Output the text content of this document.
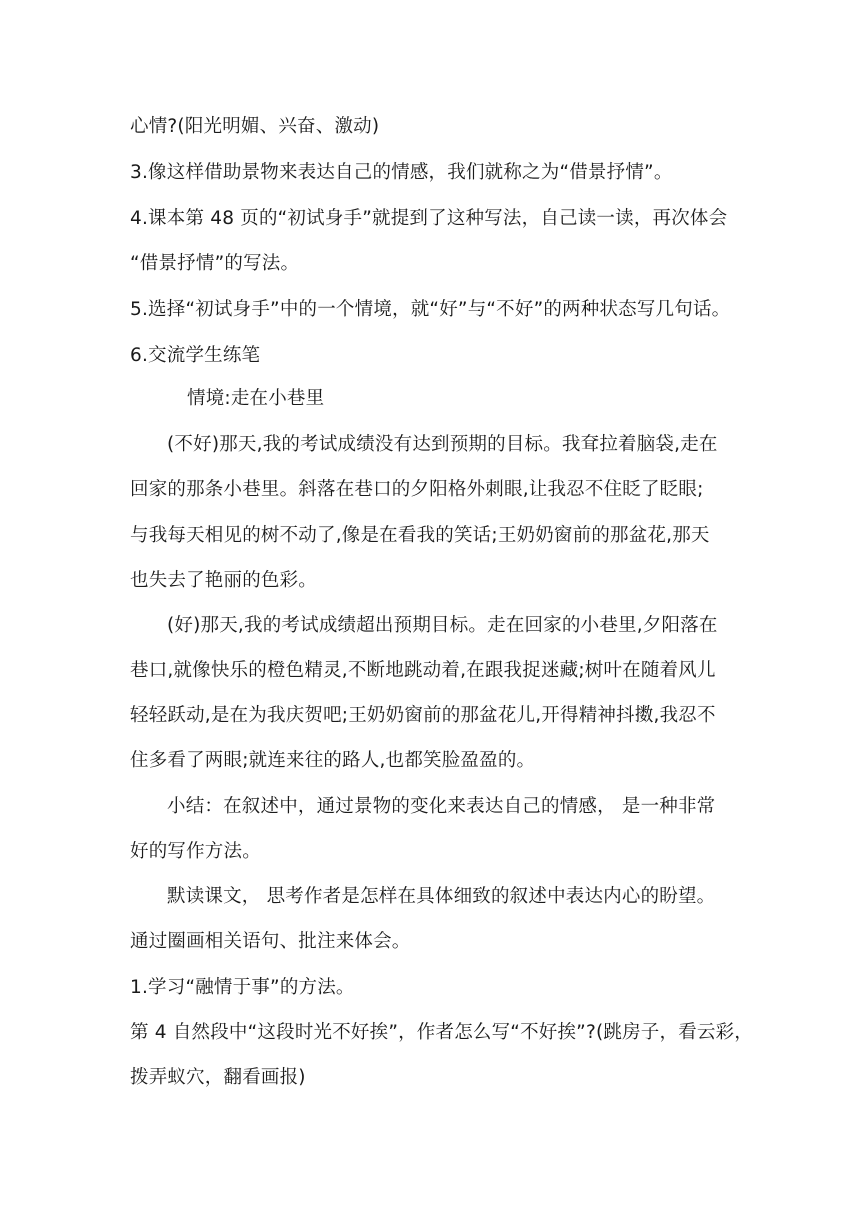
心情?(阳光明媚、兴奋、激动)
3.像这样借助景物来表达自己的情感，我们就称之为“借景抒情”。
4.课本第 48 页的“初试身手”就提到了这种写法，自己读一读，再次体会
“借景抒情”的写法。
5.选择“初试身手”中的一个情境，就“好”与“不好”的两种状态写几句话。
6.交流学生练笔
情境:走在小巷里
(不好)那天,我的考试成绩没有达到预期的目标。我耷拉着脑袋,走在
回家的那条小巷里。斜落在巷口的夕阳格外刺眼,让我忍不住眨了眨眼;
与我每天相见的树不动了,像是在看我的笑话;王奶奶窗前的那盆花,那天
也失去了艳丽的色彩。
(好)那天,我的考试成绩超出预期目标。走在回家的小巷里,夕阳落在
巷口,就像快乐的橙色精灵,不断地跳动着,在跟我捉迷藏;树叶在随着风儿
轻轻跃动,是在为我庆贺吧;王奶奶窗前的那盆花儿,开得精神抖擞,我忍不
住多看了两眼;就连来往的路人,也都笑脸盈盈的。
小结：在叙述中，通过景物的变化来表达自己的情感， 是一种非常
好的写作方法。
默读课文， 思考作者是怎样在具体细致的叙述中表达内心的盼望。
通过圈画相关语句、批注来体会。
1.学习“融情于事”的方法。
第 4 自然段中“这段时光不好挨”，作者怎么写“不好挨”?(跳房子，看云彩，
拨弄蚁穴，翻看画报)
